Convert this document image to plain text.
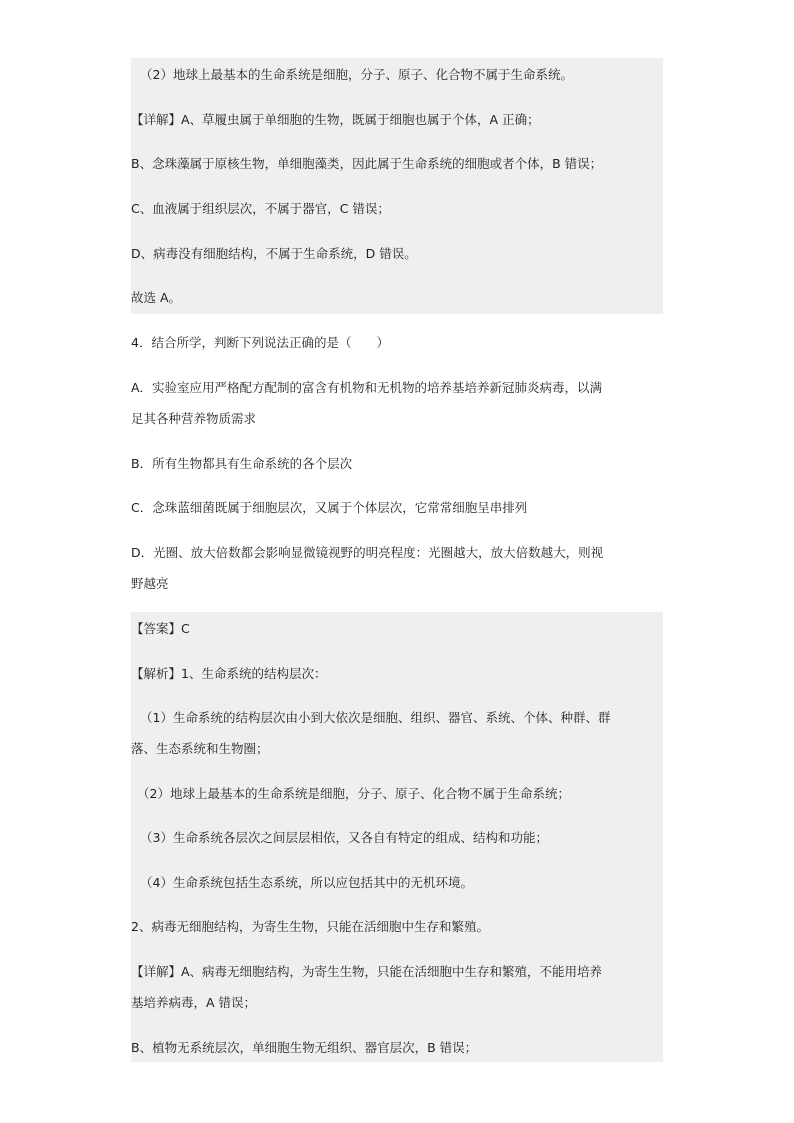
（2）地球上最基本的生命系统是细胞，分子、原子、化合物不属于生命系统。
【详解】A、草履虫属于单细胞的生物，既属于细胞也属于个体，A 正确；
B、念珠藻属于原核生物，单细胞藻类，因此属于生命系统的细胞或者个体，B 错误；
C、血液属于组织层次，不属于器官，C 错误；
D、病毒没有细胞结构，不属于生命系统，D 错误。
故选 A。
4．结合所学，判断下列说法正确的是（　　）
A．实验室应用严格配方配制的富含有机物和无机物的培养基培养新冠肺炎病毒，以满
足其各种营养物质需求
B．所有生物都具有生命系统的各个层次
C．念珠蓝细菌既属于细胞层次，又属于个体层次，它常常细胞呈串排列
D．光圈、放大倍数都会影响显微镜视野的明亮程度：光圈越大，放大倍数越大，则视
野越亮
【答案】C
【解析】1、生命系统的结构层次：
（1）生命系统的结构层次由小到大依次是细胞、组织、器官、系统、个体、种群、群
落、生态系统和生物圈；
（2）地球上最基本的生命系统是细胞，分子、原子、化合物不属于生命系统；
（3）生命系统各层次之间层层相依，又各自有特定的组成、结构和功能；
（4）生命系统包括生态系统，所以应包括其中的无机环境。
2、病毒无细胞结构，为寄生生物，只能在活细胞中生存和繁殖。
【详解】A、病毒无细胞结构，为寄生生物，只能在活细胞中生存和繁殖，不能用培养
基培养病毒，A 错误；
B、植物无系统层次，单细胞生物无组织、器官层次，B 错误；
